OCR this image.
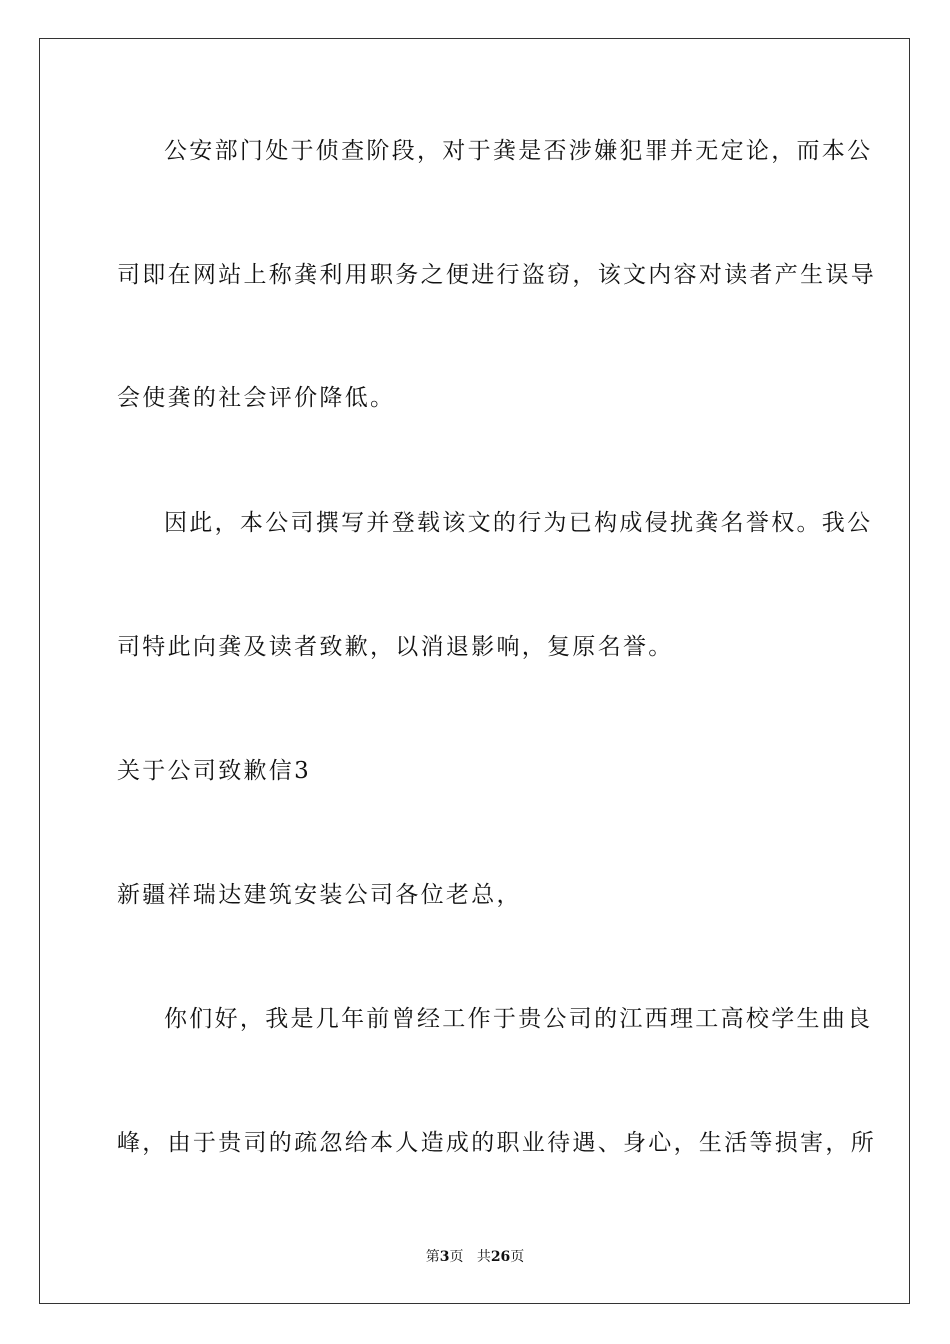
公安部门处于侦查阶段，对于龚是否涉嫌犯罪并无定论，而本公
司即在网站上称龚利用职务之便进行盗窃，该文内容对读者产生误导
会使龚的社会评价降低。
因此，本公司撰写并登载该文的行为已构成侵扰龚名誉权。我公
司特此向龚及读者致歉，以消退影响，复原名誉。
关于公司致歉信3
新疆祥瑞达建筑安装公司各位老总，
你们好，我是几年前曾经工作于贵公司的江西理工高校学生曲良
峰，由于贵司的疏忽给本人造成的职业待遇、身心，生活等损害，所
第3页 共26页
